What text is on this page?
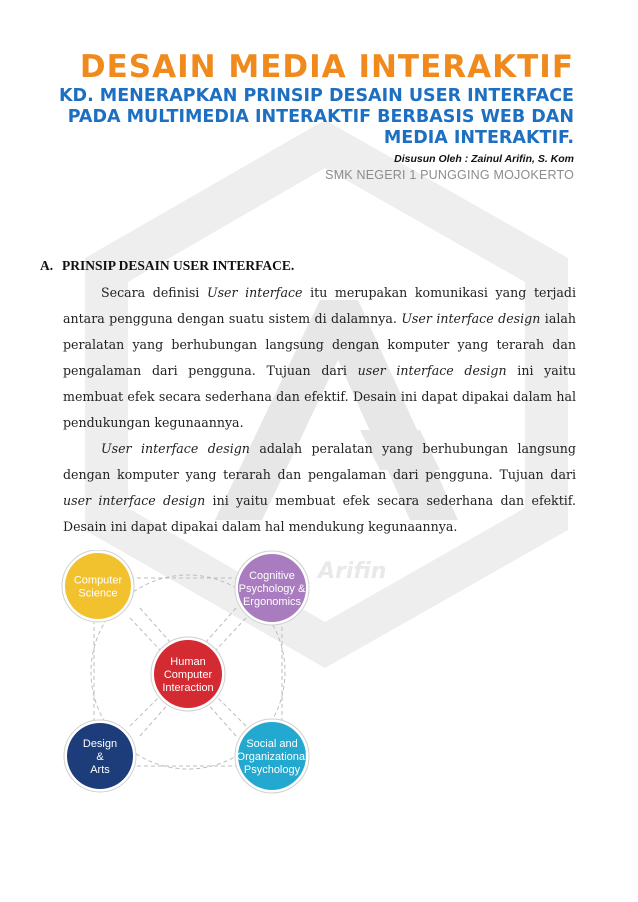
Arifin
DESAIN MEDIA INTERAKTIF
KD. MENERAPKAN PRINSIP DESAIN USER INTERFACE
PADA MULTIMEDIA INTERAKTIF BERBASIS WEB DAN
MEDIA INTERAKTIF.
Disusun Oleh : Zainul Arifin, S. Kom
SMK NEGERI 1 PUNGGING MOJOKERTO
A. PRINSIP DESAIN USER INTERFACE.

Secara definisi User interface itu merupakan komunikasi yang terjadi antara pengguna dengan suatu sistem di dalamnya. User interface design ialah peralatan yang berhubungan langsung dengan komputer yang terarah dan pengalaman dari pengguna. Tujuan dari user interface design ini yaitu membuat efek secara sederhana dan efektif. Desain ini dapat dipakai dalam hal pendukungan kegunaannya.

User interface design adalah peralatan yang berhubungan langsung dengan komputer yang terarah dan pengalaman dari pengguna. Tujuan dari user interface design ini yaitu membuat efek secara sederhana dan efektif. Desain ini dapat dipakai dalam hal mendukung kegunaannya.

Computer
Science
Cognitive
Psychology &
Ergonomics
Human
Computer
Interaction
Design
&
Arts
Social and
Organizational
Psychology
